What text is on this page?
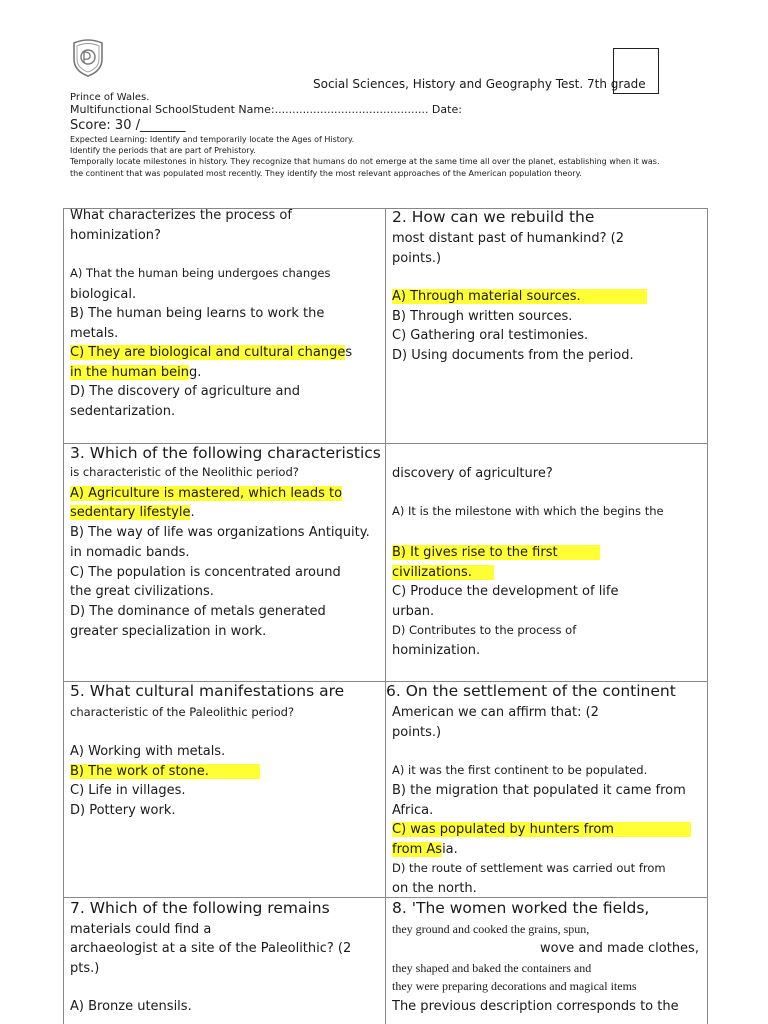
Social Sciences, History and Geography Test. 7th grade
Prince of Wales.
Multifunctional SchoolStudent Name:............................................ Date:
Score: 30 /_______
Expected Learning: Identify and temporarily locate the Ages of History.
Identify the periods that are part of Prehistory.
Temporally locate milestones in history. They recognize that humans do not emerge at the same time all over the planet, establishing when it was.
the continent that was populated most recently. They identify the most relevant approaches of the American population theory.
What characterizes the process of
hominization?
A) That the human being undergoes changes
biological.
B) The human being learns to work the
metals.
C) They are biological and cultural changes
in the human being.
D) The discovery of agriculture and
sedentarization.
2. How can we rebuild the
most distant past of humankind? (2
points.)
A) Through material sources.
B) Through written sources.
C) Gathering oral testimonies.
D) Using documents from the period.
3. Which of the following characteristics
is characteristic of the Neolithic period?
A) Agriculture is mastered, which leads to
sedentary lifestyle.
B) The way of life was organizations Antiquity.
in nomadic bands.
C) The population is concentrated around
the great civilizations.
D) The dominance of metals generated
greater specialization in work.
discovery of agriculture?
A) It is the milestone with which the begins the
B) It gives rise to the first
civilizations.
C) Produce the development of life
urban.
D) Contributes to the process of
hominization.
5. What cultural manifestations are
characteristic of the Paleolithic period?
A) Working with metals.
B) The work of stone.
C) Life in villages.
D) Pottery work.
6. On the settlement of the continent
American we can affirm that: (2
points.)
A) it was the first continent to be populated.
B) the migration that populated it came from
Africa.
C) was populated by hunters from
from Asia.
D) the route of settlement was carried out from
on the north.
7. Which of the following remains
materials could find a
archaeologist at a site of the Paleolithic? (2
pts.)
A) Bronze utensils.
8. 'The women worked the fields,
they ground and cooked the grains, spun,
wove and made clothes,
they shaped and baked the containers and
they were preparing decorations and magical items
The previous description corresponds to the
